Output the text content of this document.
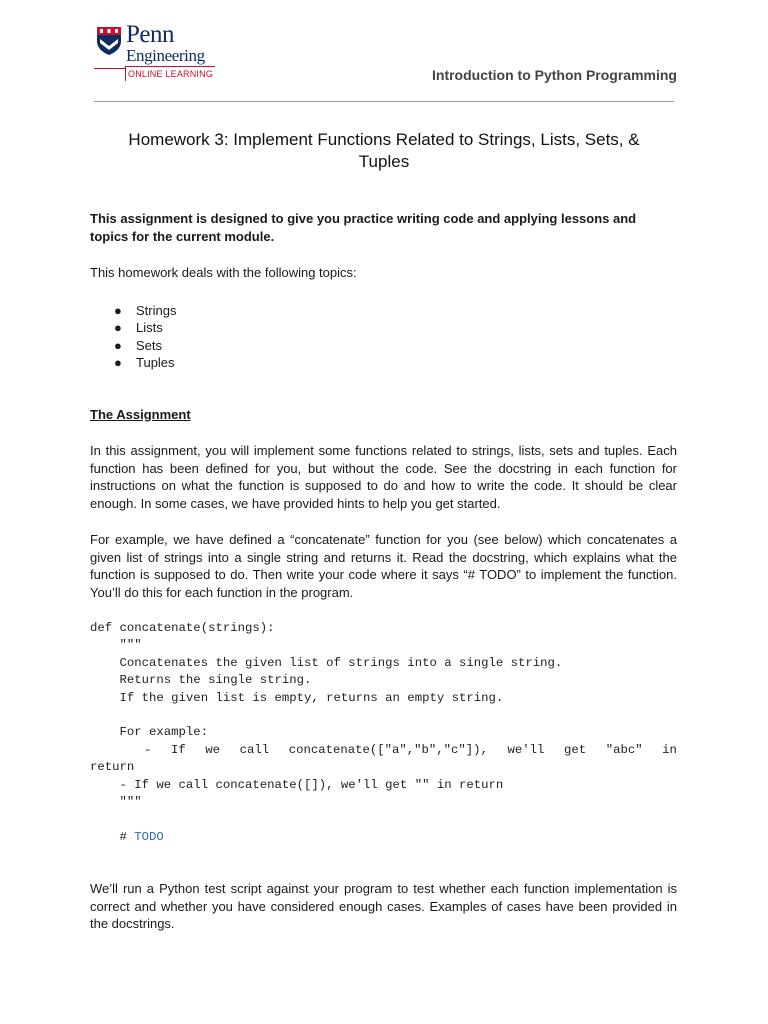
Penn
Engineering
ONLINE LEARNING	Introduction to Python Programming
Homework 3: Implement Functions Related to Strings, Lists, Sets, &
Tuples

This assignment is designed to give you practice writing code and applying lessons and topics for the current module.

This homework deals with the following topics:

● Strings
● Lists
● Sets
● Tuples

The Assignment

In this assignment, you will implement some functions related to strings, lists, sets and tuples. Each function has been defined for you, but without the code. See the docstring in each function for instructions on what the function is supposed to do and how to write the code. It should be clear enough. In some cases, we have provided hints to help you get started.

For example, we have defined a “concatenate” function for you (see below) which concatenates a given list of strings into a single string and returns it. Read the docstring, which explains what the function is supposed to do. Then write your code where it says “# TODO” to implement the function. You’ll do this for each function in the program.

def concatenate(strings):
"""
Concatenates the given list of strings into a single string.
Returns the single string.
If the given list is empty, returns an empty string.
For example:
- If we call concatenate(["a","b","c"]), we'll get "abc" in
return
- If we call concatenate([]), we'll get "" in return
"""
# TODO

We’ll run a Python test script against your program to test whether each function implementation is correct and whether you have considered enough cases. Examples of cases have been provided in the docstrings.
